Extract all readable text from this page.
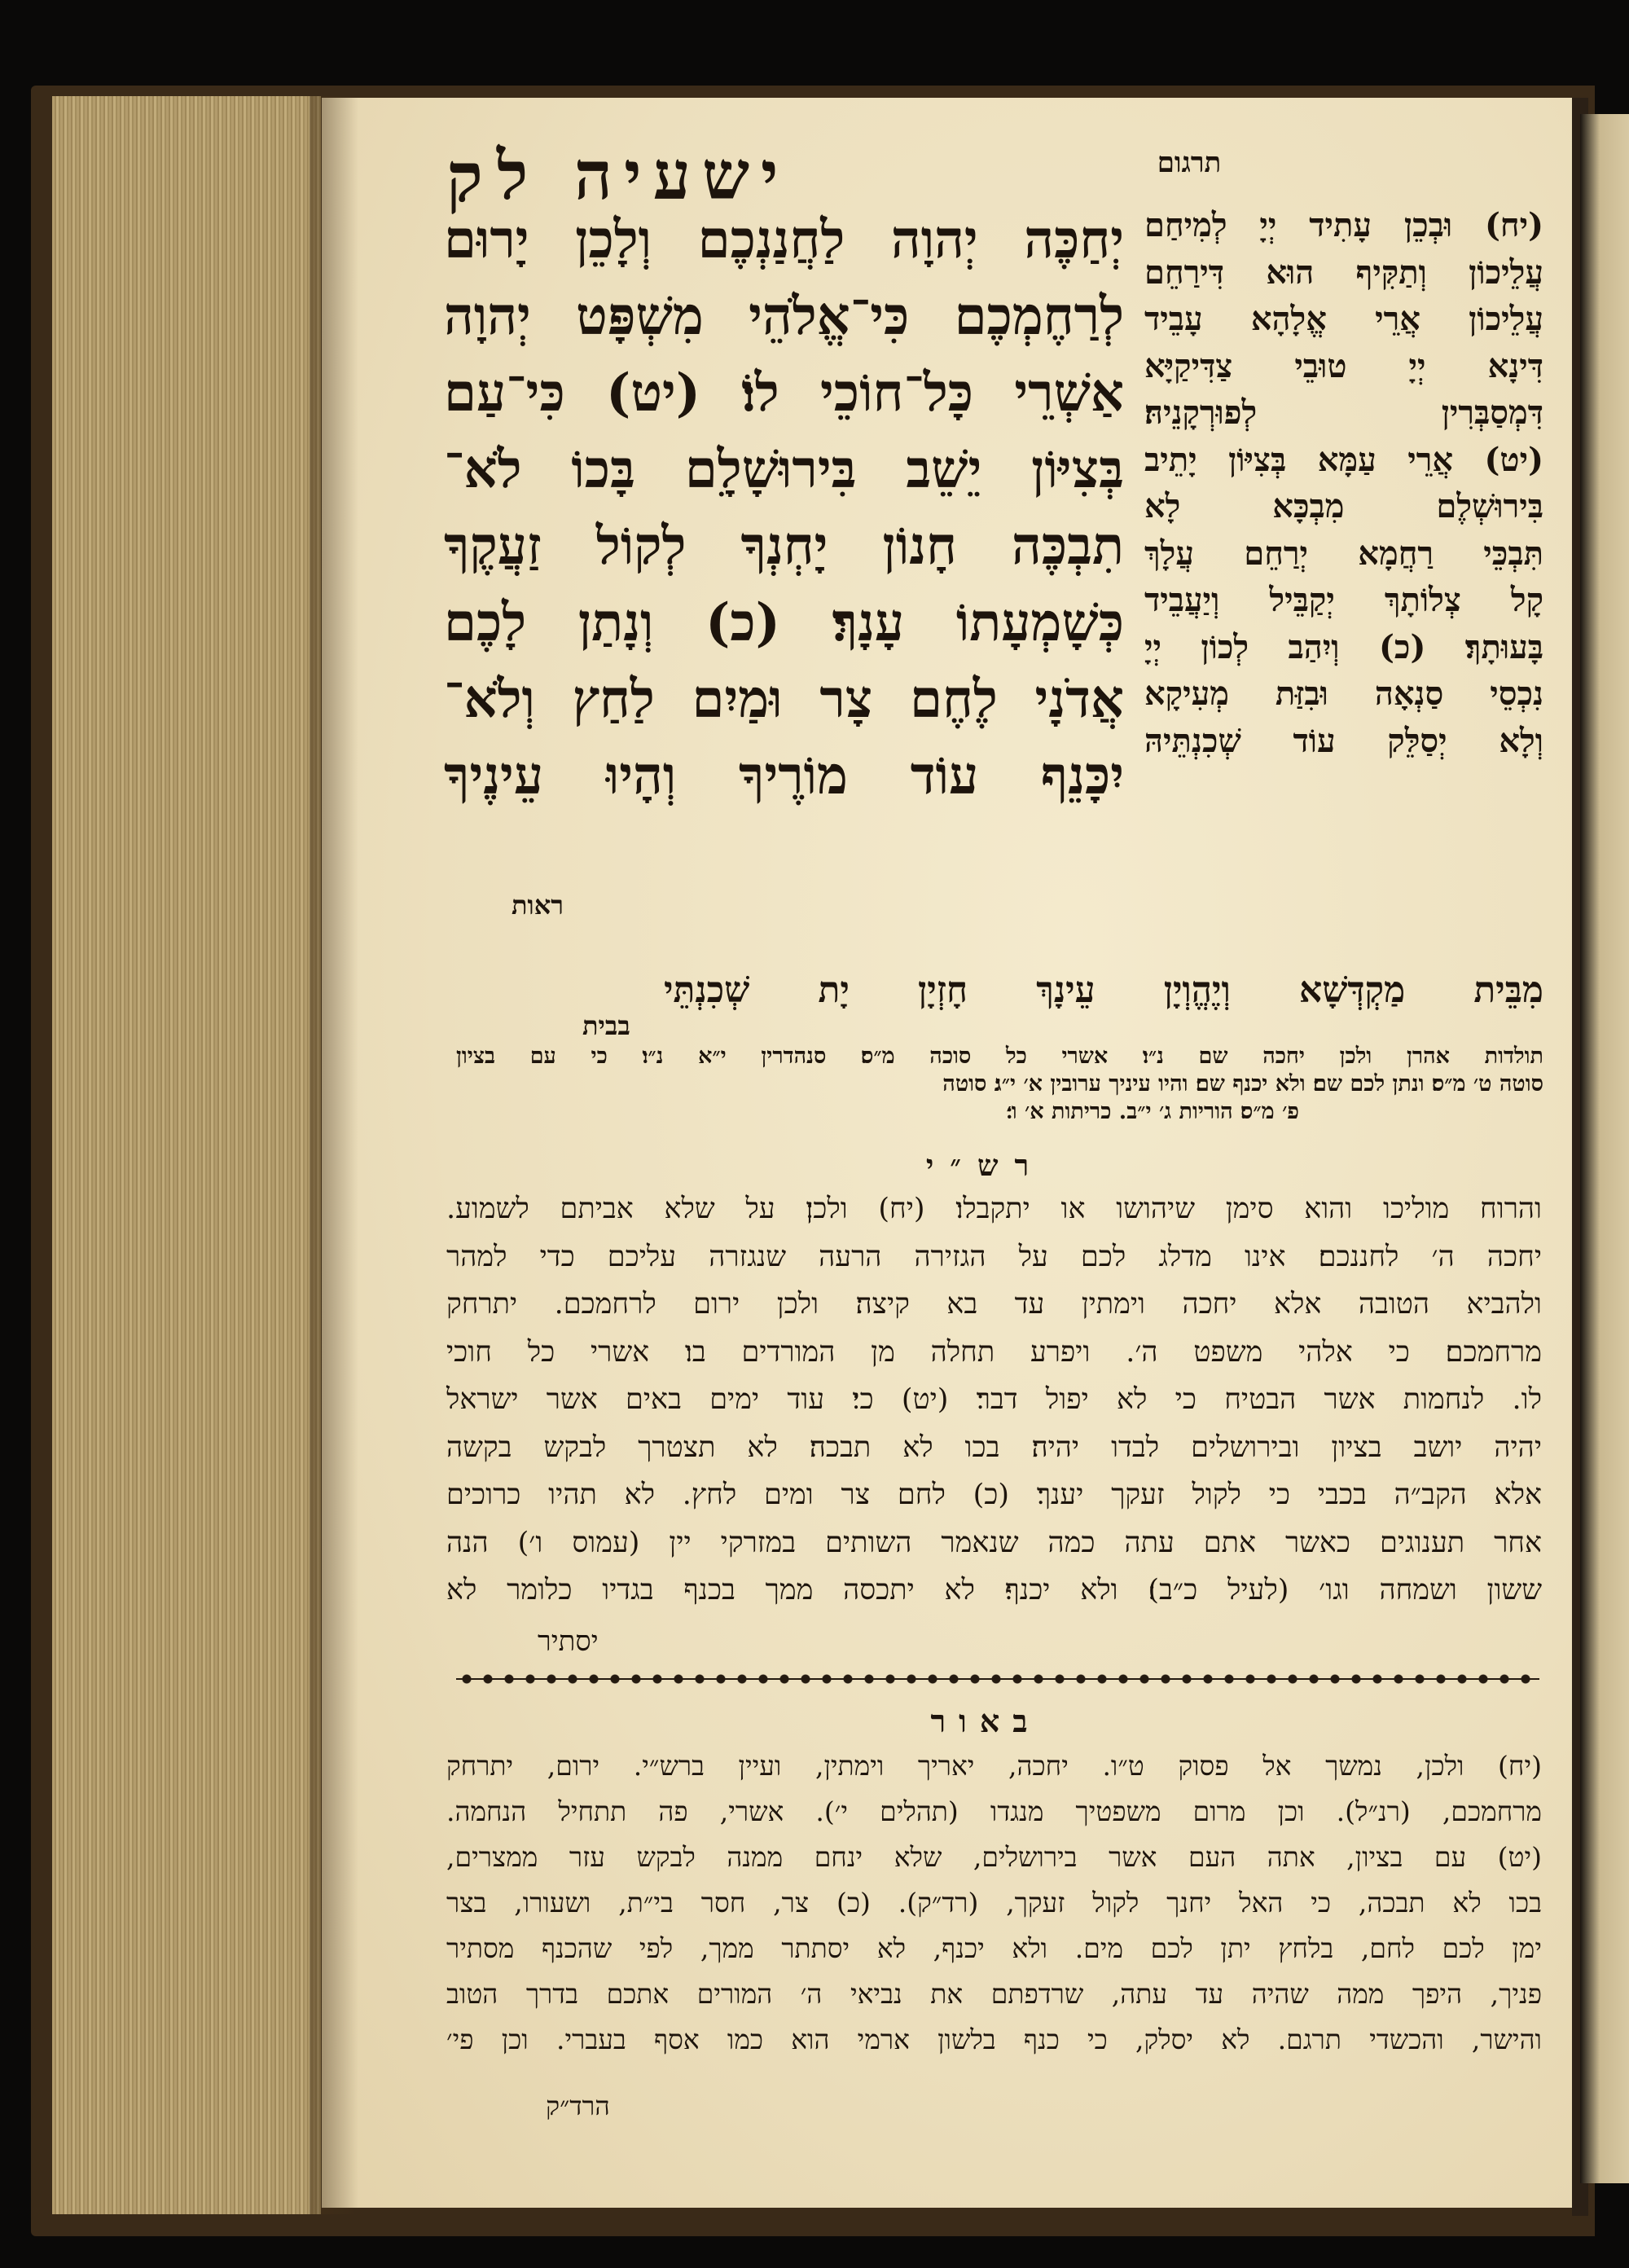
ישעיה ל	תרגום
ק
יְחַכֶּה יְהוָה לַחֲנַנְכֶם וְלָכֵן יָרוּם
לְרַחֶמְכֶם כִּי־אֱלֹהֵי מִשְׁפָּט יְהוָה
אַשְׁרֵי כָּל־חוֹכֵי לוֹ׃ (יט) כִּי־עַם
בְּצִיּוֹן יֵשֵׁב בִּירוּשָׁלָ͏ִם בָּכוֹ לֹא־
תִבְכֶּה חָנוֹן יָחְנְךָ לְקוֹל זַעֲקֶךָ
כְּשָׁמְעָתוֹ עָנָךְ׃ (כ) וְנָתַן לָכֶם
אֲדֹנָי לֶחֶם צָר וּמַיִם לַחַץ וְלֹא־
יִכָּנֵף עוֹד מוֹרֶיךָ וְהָיוּ עֵינֶיךָ
ראות
(יח) וּבְכֵן עָתִיד יְיָ לְמִיחַם
עֲלֵיכוֹן וְתַקִּיף הוּא דִּירַחֵם
עֲלֵיכוֹן אֲרֵי אֱלָהָא עָבֵיד
דִּינָא יְיָ טוּבֵי צַדִּיקַיָּא
דִּמְסַבְּרִין לְפוּרְקָנֵיהּ׃
(יט) אֲרֵי עַמָּא בְּצִיּוֹן יָתֵיב
בִּירוּשְׁלֶם מִבְכָּא לָא
תִּבְכֵּי רַחֲמָא יְרַחֵם עֲלָךְ
קָל צְלוֹתָךְ יְקַבֵּיל וְיַעֲבֵיד
בָּעוּתָךְ׃ (כ) וְיִהַב לְכוֹן יְיָ
נִכְסֵי סַנְאָה וּבִזַּת מְעִיקָא
וְלָא יְסַלֵּק עוֹד שְׁכִנְתֵּיהּ
מִבֵּית מַקְדְּשָׁא וְיֶהֱוְיָן עֵינָךְ חָזְיָן יָת שְׁכִנְתֵּי
בבית
תולדות אהרן ולכן יחכה שם נ״ו׃ אשרי כל סוכה מ״ס׃ סנהדרין י״א נ״ו׃ כי עם בציון
סוטה ט׳ מ״ס׃ ונתן לכם שם׃ ולא יכנף שם׃ והיו עיניך ערובין א׳ י״ג׃ סוטה
פ׳ מ״ס׃ הוריות ג׳ י״ב. כריתות א׳ ו׳׃
רש״י
והרוח מוליכו והוא סימן שיהושו או יתקבלו׃ (יח) ולכן׃ על שלא אביתם לשמוע.
יחכה ה׳ לחננכם׃ אינו מדלג לכם על הגזירה הרעה שנגזרה עליכם כדי למהר
ולהביא הטובה אלא יחכה וימתין עד בא קיצה׃ ולכן ירום לרחמכם. יתרחק
מרחמכם׃ כי אלהי משפט ה׳. ויפרע תחלה מן המורדים בו׃ אשרי כל חוכי
לו. לנחמות אשר הבטיח כי לא יפול דבר׃ (יט) כי׃ עוד ימים באים אשר ישראל
יהיה יושב בציון ובירושלים לבדו יהיה׃ בכו לא תבכה׃ לא תצטרך לבקש בקשה
אלא הקב״ה בכבי כי לקול זעקך יענך׃ (כ) לחם צר ומים לחץ. לא תהיו כרוכים
אחר תענוגים כאשר אתם עתה כמה שנאמר השותים במזרקי יין (עמוס ו׳) הנה
ששון ושמחה וגו׳ (לעיל כ״ב)׃ ולא יכנף׃ לא יתכסה ממך בכנף בגדיו כלומר לא
יסתיר
באור
(יח) ולכן, נמשך אל פסוק ט״ו. יחכה, יאריך וימתין, ועיין ברש״י. ירום, יתרחק
מרחמכם, (רנ״ל). וכן מרום משפטיך מנגדו (תהלים י׳). אשרי, פה תתחיל הנחמה.
(יט) עם בציון, אתה העם אשר בירושלים, שלא ינחם ממנה לבקש עזר ממצרים,
בכו לא תבכה, כי האל יחנך לקול זעקך, (רד״ק). (כ) צר, חסר בי״ת, ושעורו, בצר
ימן לכם לחם, בלחץ יתן לכם מים. ולא יכנף, לא יסתתר ממך, לפי שהכנף מסתיר
פניך, היפך ממה שהיה עד עתה, שרדפתם את נביאי ה׳ המורים אתכם בדרך הטוב
והישר, והכשדי תרגם. לא יסלק, כי כנף בלשון ארמי הוא כמו אסף בעברי. וכן פי׳
הרד״ק
